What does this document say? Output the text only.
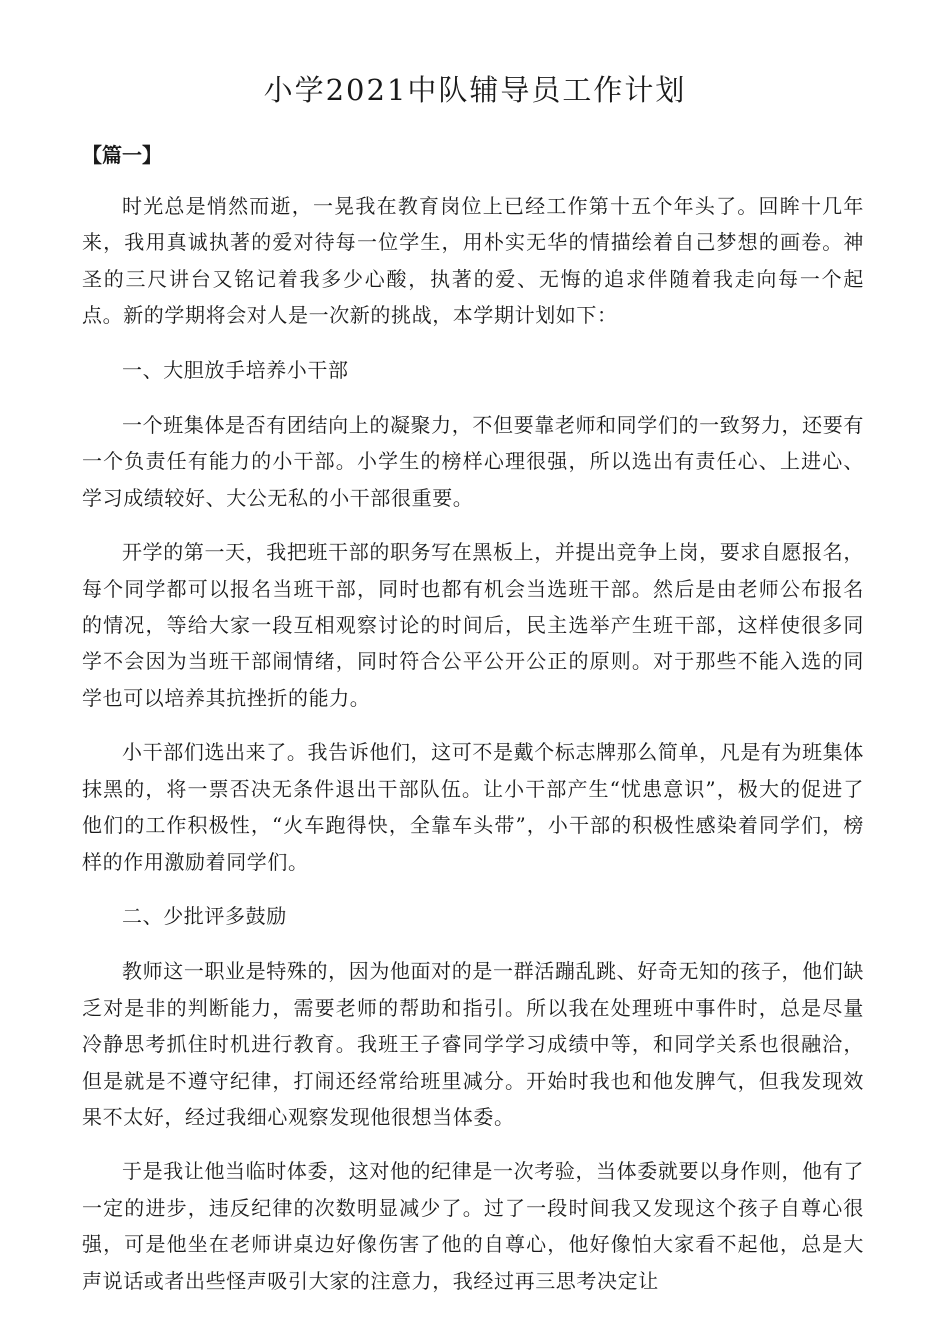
小学2021中队辅导员工作计划
【篇一】

时光总是悄然而逝，一晃我在教育岗位上已经工作第十五个年头了。回眸十几年来，我用真诚执著的爱对待每一位学生，用朴实无华的情描绘着自己梦想的画卷。神圣的三尺讲台又铭记着我多少心酸，执著的爱、无悔的追求伴随着我走向每一个起点。新的学期将会对人是一次新的挑战，本学期计划如下：

一、大胆放手培养小干部

一个班集体是否有团结向上的凝聚力，不但要靠老师和同学们的一致努力，还要有一个负责任有能力的小干部。小学生的榜样心理很强，所以选出有责任心、上进心、学习成绩较好、大公无私的小干部很重要。

开学的第一天，我把班干部的职务写在黑板上，并提出竞争上岗，要求自愿报名，每个同学都可以报名当班干部，同时也都有机会当选班干部。然后是由老师公布报名的情况，等给大家一段互相观察讨论的时间后，民主选举产生班干部，这样使很多同学不会因为当班干部闹情绪，同时符合公平公开公正的原则。对于那些不能入选的同学也可以培养其抗挫折的能力。

小干部们选出来了。我告诉他们，这可不是戴个标志牌那么简单，凡是有为班集体抹黑的，将一票否决无条件退出干部队伍。让小干部产生“忧患意识”，极大的促进了他们的工作积极性，“火车跑得快，全靠车头带”，小干部的积极性感染着同学们，榜样的作用激励着同学们。

二、少批评多鼓励

教师这一职业是特殊的，因为他面对的是一群活蹦乱跳、好奇无知的孩子，他们缺乏对是非的判断能力，需要老师的帮助和指引。所以我在处理班中事件时，总是尽量冷静思考抓住时机进行教育。我班王子睿同学学习成绩中等，和同学关系也很融洽，但是就是不遵守纪律，打闹还经常给班里减分。开始时我也和他发脾气，但我发现效果不太好，经过我细心观察发现他很想当体委。

于是我让他当临时体委，这对他的纪律是一次考验，当体委就要以身作则，他有了一定的进步，违反纪律的次数明显减少了。过了一段时间我又发现这个孩子自尊心很强，可是他坐在老师讲桌边好像伤害了他的自尊心，他好像怕大家看不起他，总是大声说话或者出些怪声吸引大家的注意力，我经过再三思考决定让
